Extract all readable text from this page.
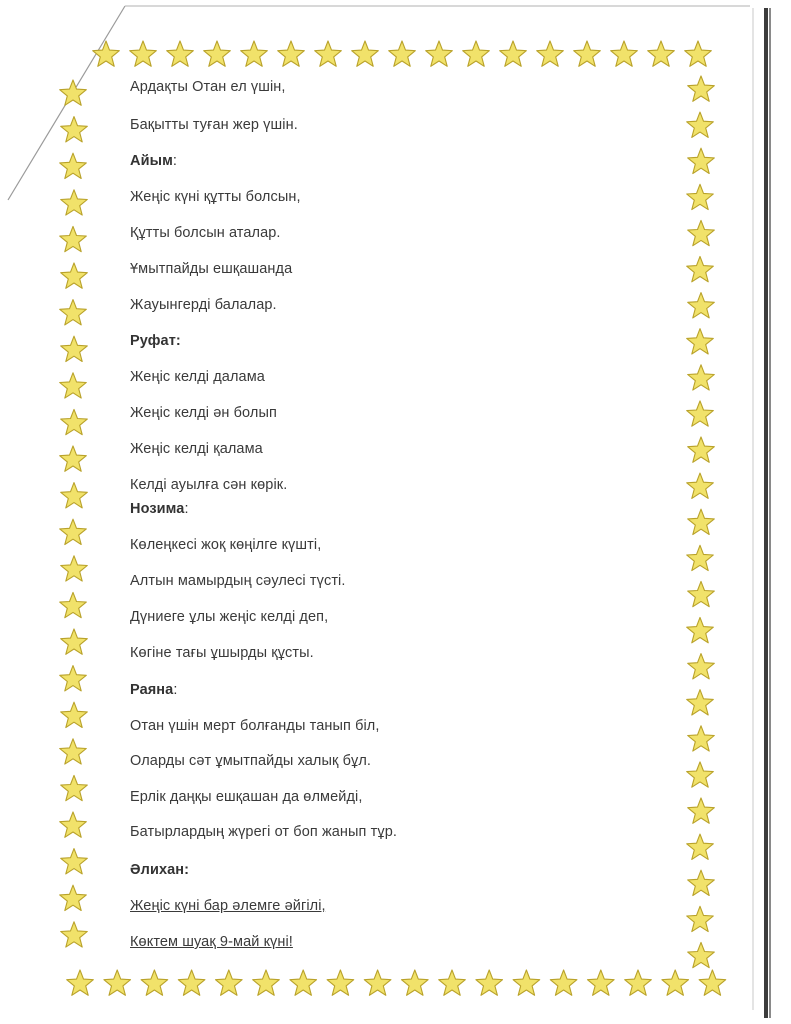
Ардақты Отан ел үшін,
Бақытты туған жер үшін.
Айым:
Жеңіс күні құтты болсын,
Құтты болсын аталар.
Ұмытпайды ешқашанда
Жауынгерді балалар.
Руфат:
Жеңіс келді далама
Жеңіс келді ән болып
Жеңіс келді қалама
Келді ауылға сән көрік.
Нозима:
Көлеңкесі жоқ көңілге күшті,
Алтын мамырдың сәулесі түсті.
Дүниеге ұлы жеңіс келді деп,
Көгіне тағы ұшырды құсты.
Раяна:
Отан үшін мерт болғанды танып біл,
Оларды сәт ұмытпайды халық бұл.
Ерлік даңқы ешқашан да өлмейді,
Батырлардың жүрегі от боп жанып тұр.
Әлихан:
Жеңіс күні бар әлемге әйгілі,
Көктем шуақ 9-май күні!
